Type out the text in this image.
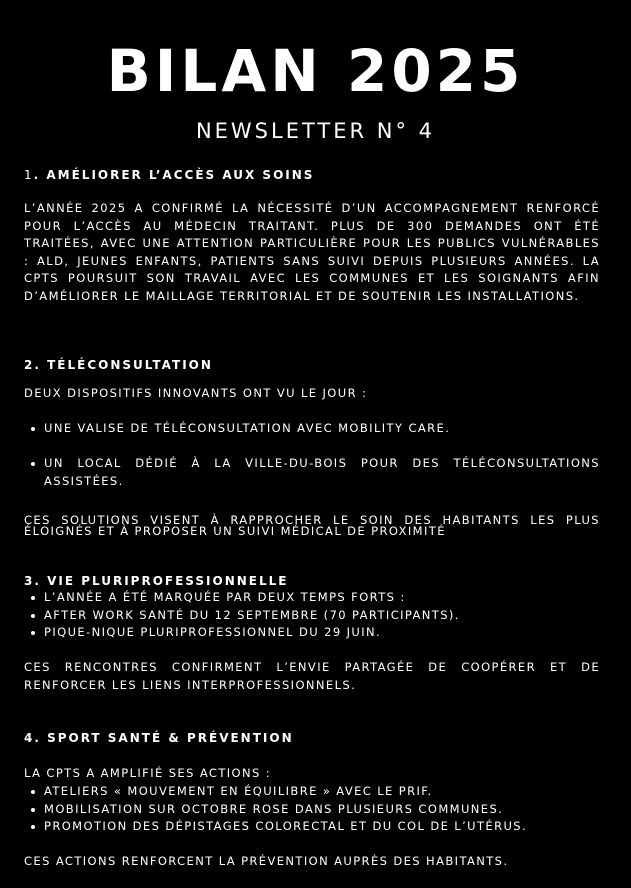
BILAN 2025
NEWSLETTER N° 4
1. AMÉLIORER L’ACCÈS AUX SOINS
L’ANNÉE 2025 A CONFIRMÉ LA NÉCESSITÉ D’UN ACCOMPAGNEMENT RENFORCÉ POUR L’ACCÈS AU MÉDECIN TRAITANT. PLUS DE 300 DEMANDES ONT ÉTÉ TRAITÉES, AVEC UNE ATTENTION PARTICULIÈRE POUR LES PUBLICS VULNÉRABLES : ALD, JEUNES ENFANTS, PATIENTS SANS SUIVI DEPUIS PLUSIEURS ANNÉES. LA CPTS POURSUIT SON TRAVAIL AVEC LES COMMUNES ET LES SOIGNANTS AFIN D’AMÉLIORER LE MAILLAGE TERRITORIAL ET DE SOUTENIR LES INSTALLATIONS.
2. TÉLÉCONSULTATION
DEUX DISPOSITIFS INNOVANTS ONT VU LE JOUR :
UNE VALISE DE TÉLÉCONSULTATION AVEC MOBILITY CARE.
UN LOCAL DÉDIÉ À LA VILLE-DU-BOIS POUR DES TÉLÉCONSULTATIONS ASSISTÉES.
CES SOLUTIONS VISENT À RAPPROCHER LE SOIN DES HABITANTS LES PLUS ÉLOIGNÉS ET À PROPOSER UN SUIVI MÉDICAL DE PROXIMITÉ
3. VIE PLURIPROFESSIONNELLE
L’ANNÉE A ÉTÉ MARQUÉE PAR DEUX TEMPS FORTS :
AFTER WORK SANTÉ DU 12 SEPTEMBRE (70 PARTICIPANTS).
PIQUE-NIQUE PLURIPROFESSIONNEL DU 29 JUIN.
CES RENCONTRES CONFIRMENT L’ENVIE PARTAGÉE DE COOPÉRER ET DE RENFORCER LES LIENS INTERPROFESSIONNELS.
4. SPORT SANTÉ & PRÉVENTION
LA CPTS A AMPLIFIÉ SES ACTIONS :
ATELIERS « MOUVEMENT EN ÉQUILIBRE » AVEC LE PRIF.
MOBILISATION SUR OCTOBRE ROSE DANS PLUSIEURS COMMUNES.
PROMOTION DES DÉPISTAGES COLORECTAL ET DU COL DE L’UTÉRUS.
CES ACTIONS RENFORCENT LA PRÉVENTION AUPRÈS DES HABITANTS.
